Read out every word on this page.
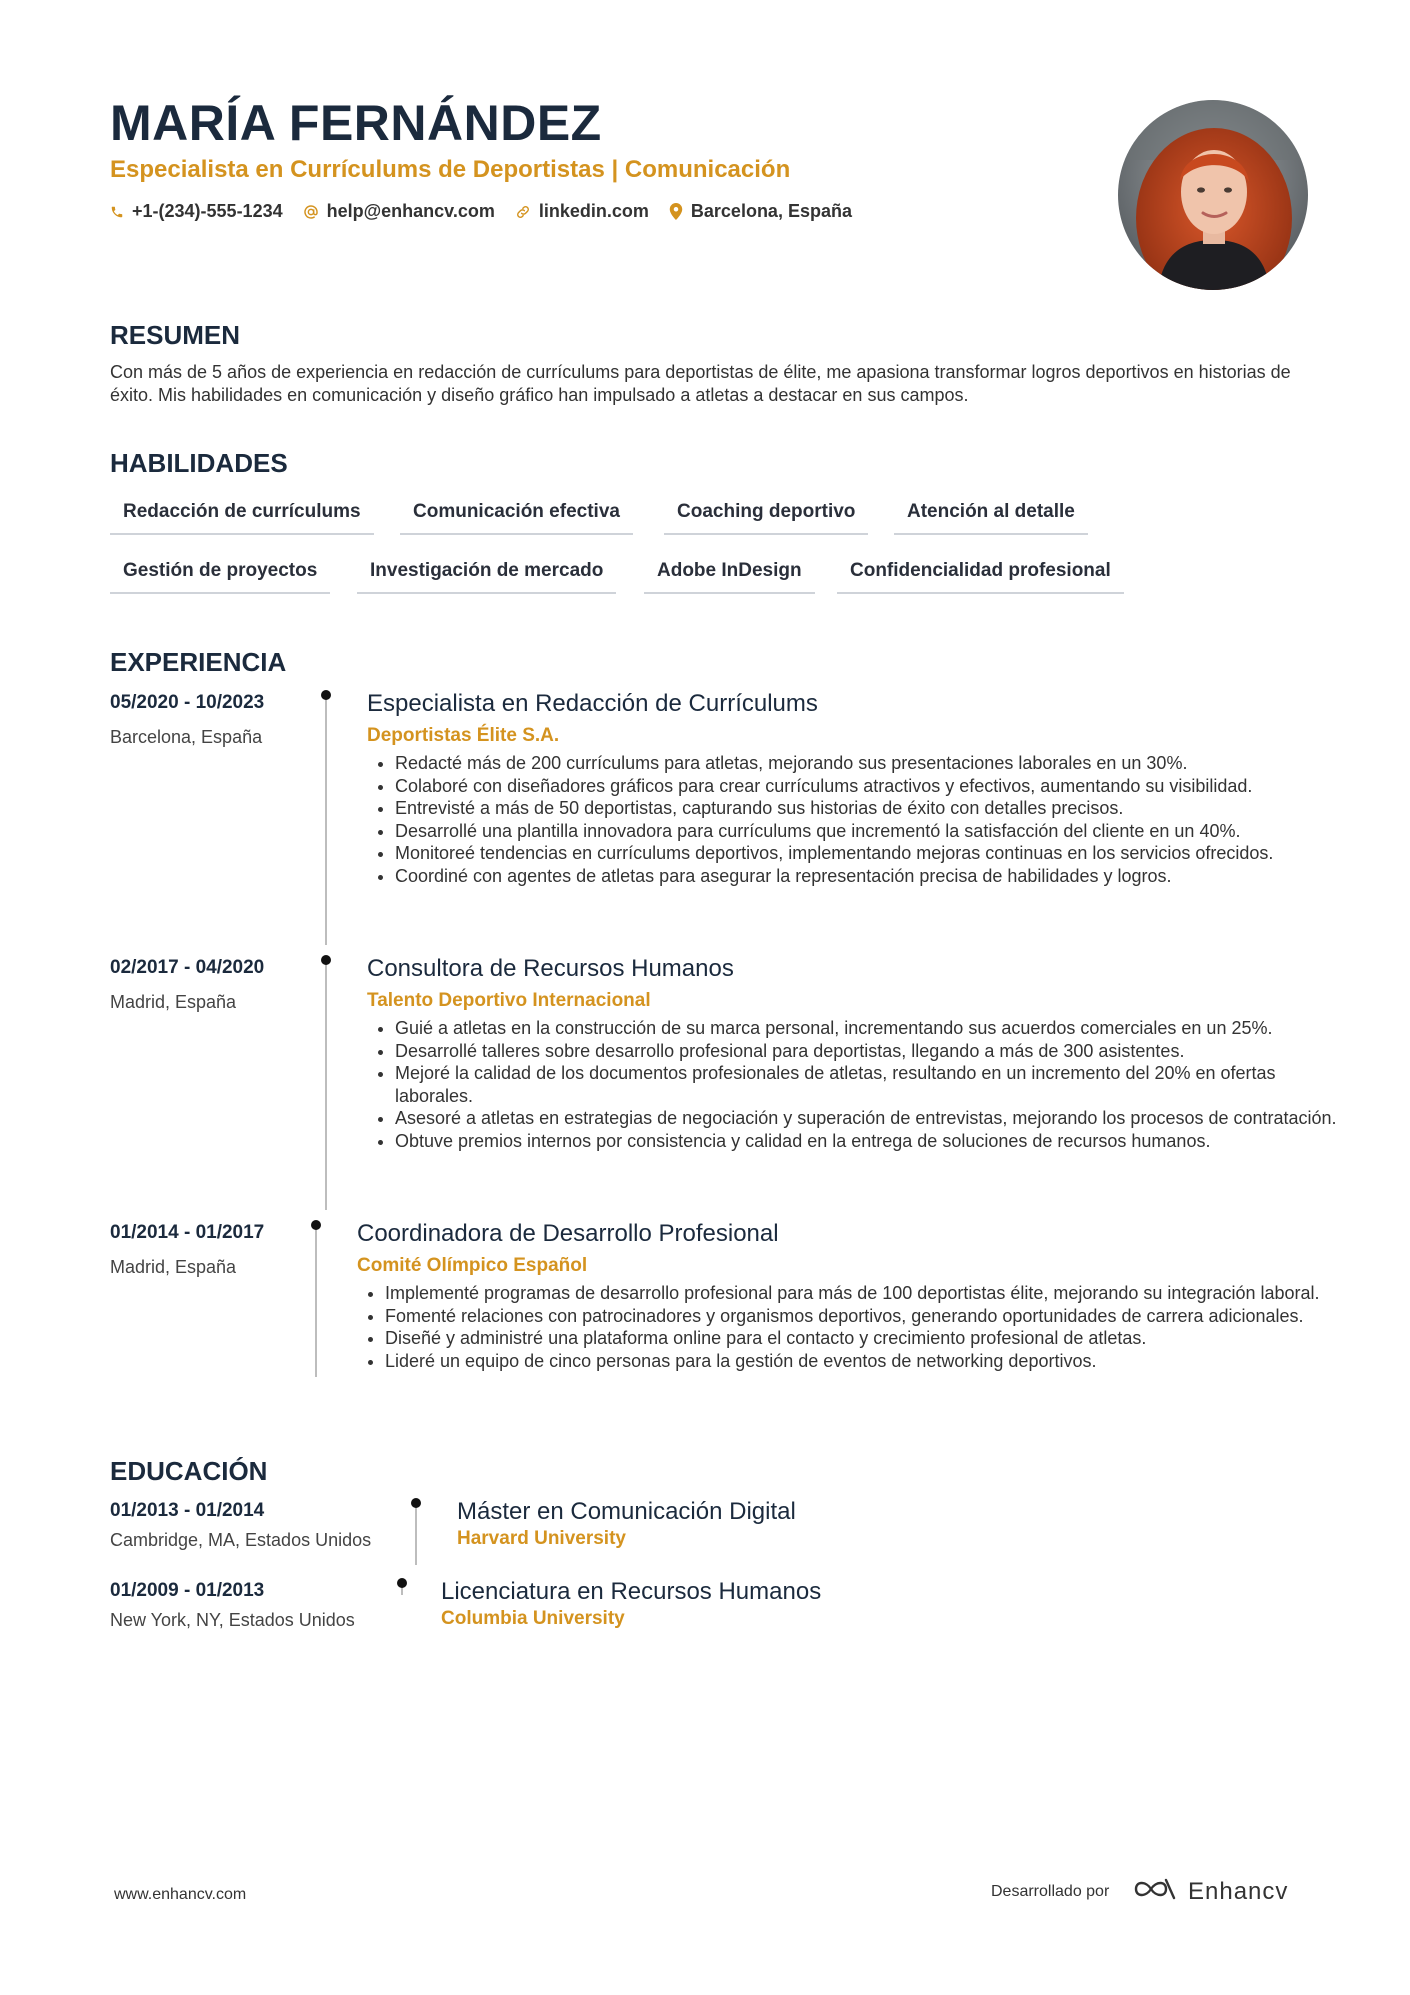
MARÍA FERNÁNDEZ
Especialista en Currículums de Deportistas | Comunicación
+1-(234)-555-1234 help@enhancv.com linkedin.com Barcelona, España
RESUMEN
Con más de 5 años de experiencia en redacción de currículums para deportistas de élite, me apasiona transformar logros deportivos en historias de éxito. Mis habilidades en comunicación y diseño gráfico han impulsado a atletas a destacar en sus campos.
HABILIDADES
Redacción de currículums	Comunicación efectiva	Coaching deportivo	Atención al detalle
Gestión de proyectos	Investigación de mercado	Adobe InDesign	Confidencialidad profesional
EXPERIENCIA
05/2020 - 10/2023
Barcelona, España
Especialista en Redacción de Currículums
Deportistas Élite S.A.
• Redacté más de 200 currículums para atletas, mejorando sus presentaciones laborales en un 30%.
• Colaboré con diseñadores gráficos para crear currículums atractivos y efectivos, aumentando su visibilidad.
• Entrevisté a más de 50 deportistas, capturando sus historias de éxito con detalles precisos.
• Desarrollé una plantilla innovadora para currículums que incrementó la satisfacción del cliente en un 40%.
• Monitoreé tendencias en currículums deportivos, implementando mejoras continuas en los servicios ofrecidos.
• Coordiné con agentes de atletas para asegurar la representación precisa de habilidades y logros.
02/2017 - 04/2020
Madrid, España
Consultora de Recursos Humanos
Talento Deportivo Internacional
• Guié a atletas en la construcción de su marca personal, incrementando sus acuerdos comerciales en un 25%.
• Desarrollé talleres sobre desarrollo profesional para deportistas, llegando a más de 300 asistentes.
• Mejoré la calidad de los documentos profesionales de atletas, resultando en un incremento del 20% en ofertas laborales.
• Asesoré a atletas en estrategias de negociación y superación de entrevistas, mejorando los procesos de contratación.
• Obtuve premios internos por consistencia y calidad en la entrega de soluciones de recursos humanos.
01/2014 - 01/2017
Madrid, España
Coordinadora de Desarrollo Profesional
Comité Olímpico Español
• Implementé programas de desarrollo profesional para más de 100 deportistas élite, mejorando su integración laboral.
• Fomenté relaciones con patrocinadores y organismos deportivos, generando oportunidades de carrera adicionales.
• Diseñé y administré una plataforma online para el contacto y crecimiento profesional de atletas.
• Lideré un equipo de cinco personas para la gestión de eventos de networking deportivos.
EDUCACIÓN
01/2013 - 01/2014
Cambridge, MA, Estados Unidos
Máster en Comunicación Digital
Harvard University
01/2009 - 01/2013
New York, NY, Estados Unidos
Licenciatura en Recursos Humanos
Columbia University
www.enhancv.com	Desarrollado por	Enhancv
